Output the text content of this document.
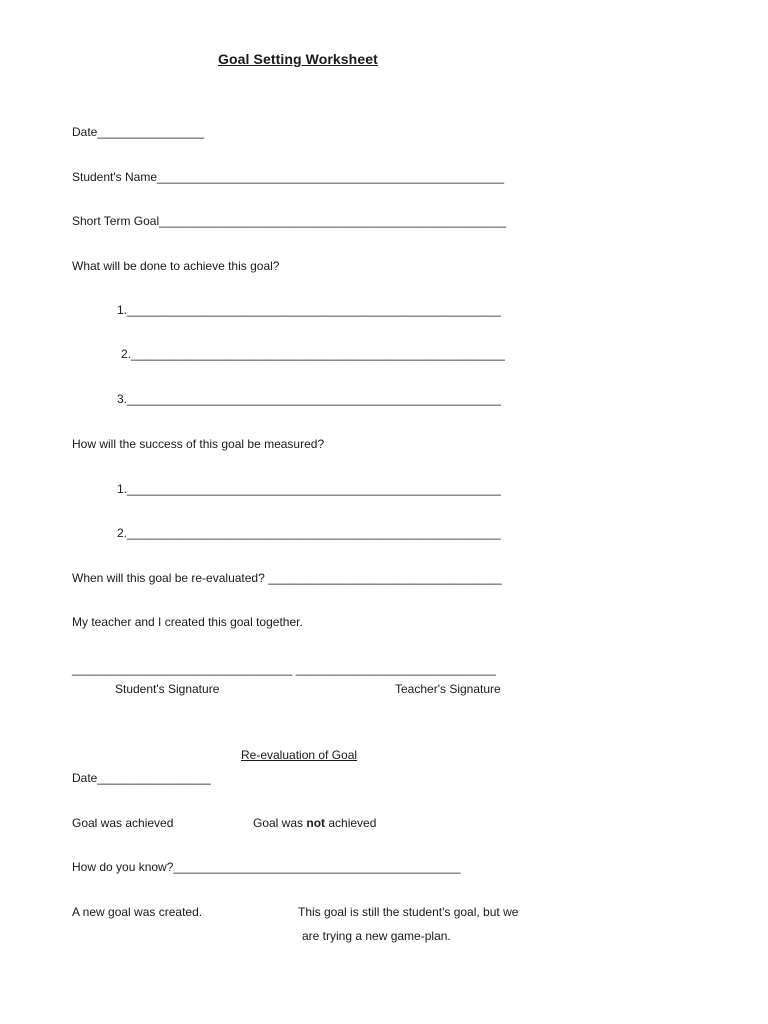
Goal Setting Worksheet
Date________________
Student's Name____________________________________________________
Short Term Goal____________________________________________________
What will be done to achieve this goal?
1.________________________________________________________
2.________________________________________________________
3.________________________________________________________
How will the success of this goal be measured?
1.________________________________________________________
2.________________________________________________________
When will this goal be re-evaluated? ___________________________________
My teacher and I created this goal together.
_________________________________ ______________________________
Student's Signature	Teacher's Signature
Re-evaluation of Goal
Date_________________
Goal was achieved	Goal was not achieved
How do you know?___________________________________________
A new goal was created.	This goal is still the student's goal, but we
are trying a new game-plan.
